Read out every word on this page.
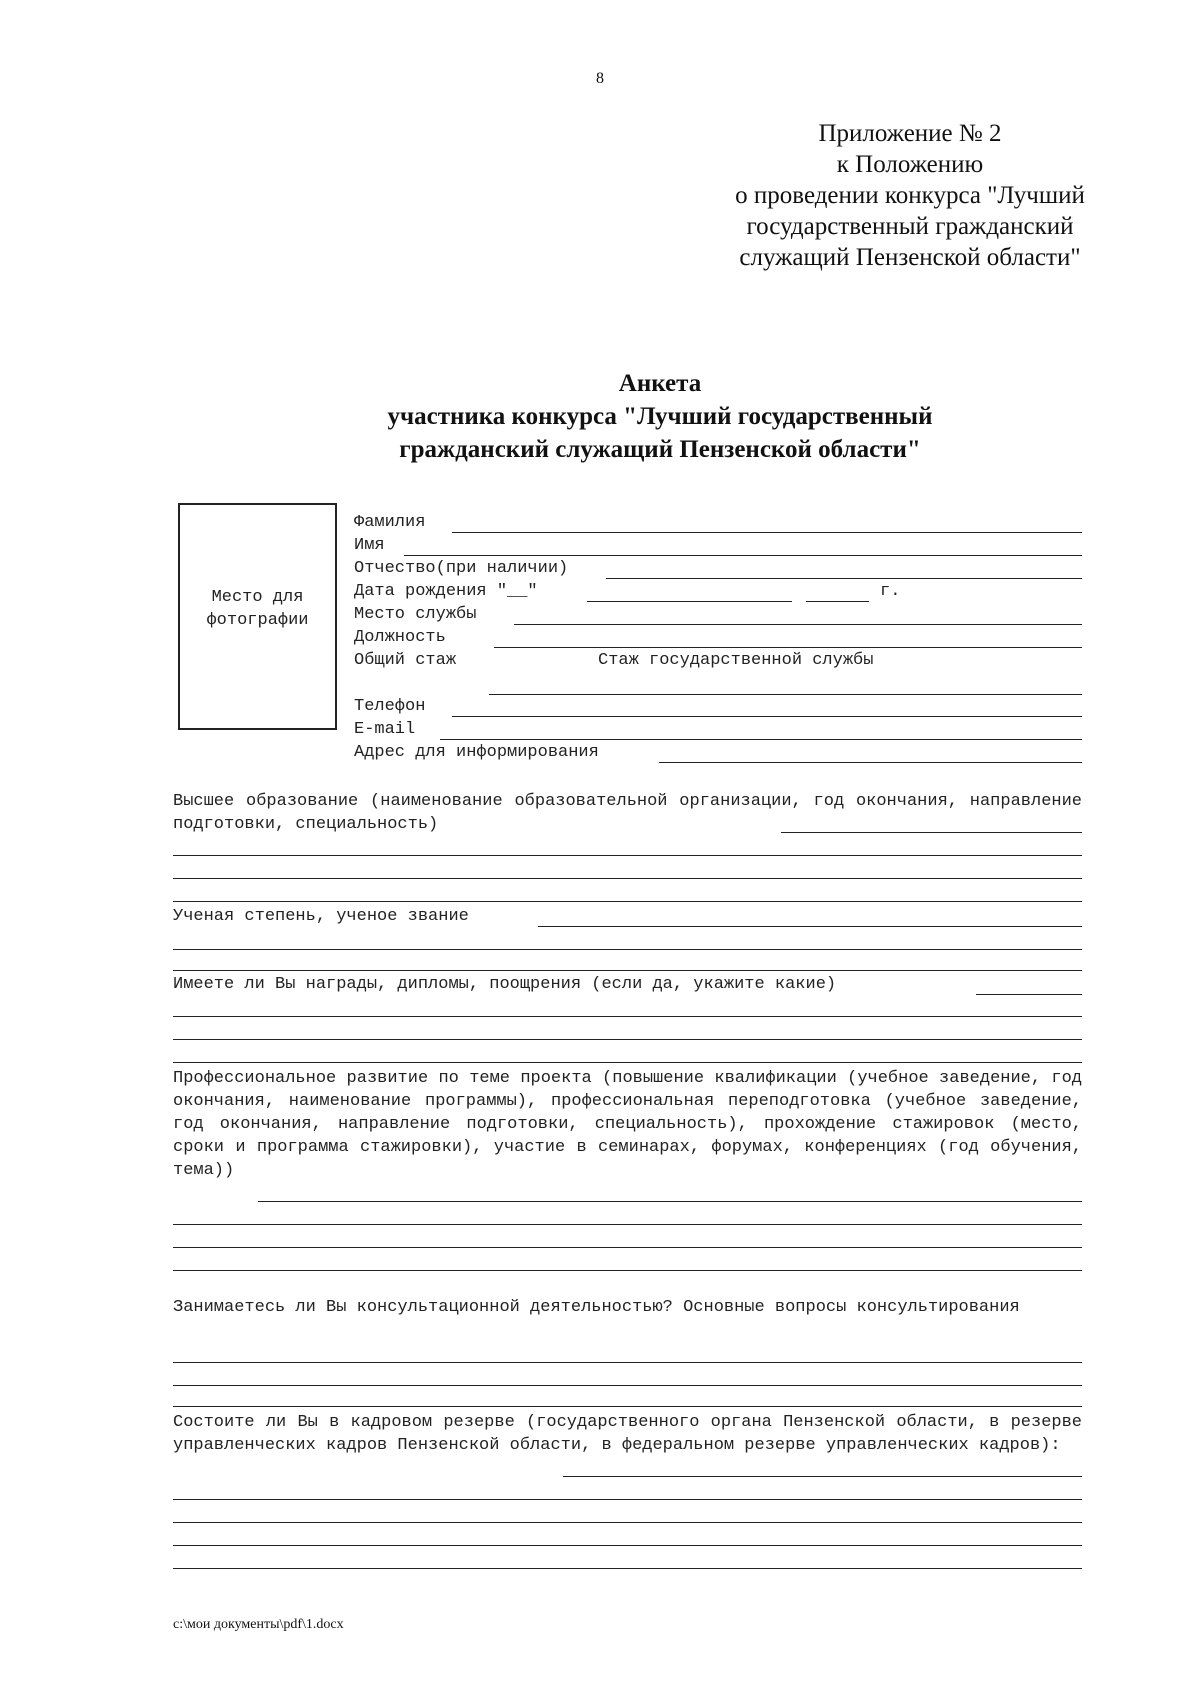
8
Приложение № 2
к Положению
о проведении конкурса "Лучший
государственный гражданский
служащий Пензенской области"
Анкета
участника конкурса "Лучший государственный
гражданский служащий Пензенской области"
Место для
фотографии
Фамилия
Имя
Отчество(при наличии)
Дата рождения "__"	г.
Место службы
Должность
Общий стаж	Стаж государственной службы
Телефон
E-mail
Адрес для информирования
Высшее образование (наименование образовательной организации, год окончания, направление подготовки, специальность)
Ученая степень, ученое звание
Имеете ли Вы награды, дипломы, поощрения (если да, укажите какие)
Профессиональное развитие по теме проекта (повышение квалификации (учебное заведение, год окончания, наименование программы), профессиональная переподготовка (учебное заведение, год окончания, направление подготовки, специальность), прохождение стажировок (место, сроки и программа стажировки), участие в семинарах, форумах, конференциях (год обучения, тема))
Занимаетесь ли Вы консультационной деятельностью? Основные вопросы консультирования
Состоите ли Вы в кадровом резерве (государственного органа Пензенской области, в резерве управленческих кадров Пензенской области, в федеральном резерве управленческих кадров):
c:\мои документы\pdf\1.docx
